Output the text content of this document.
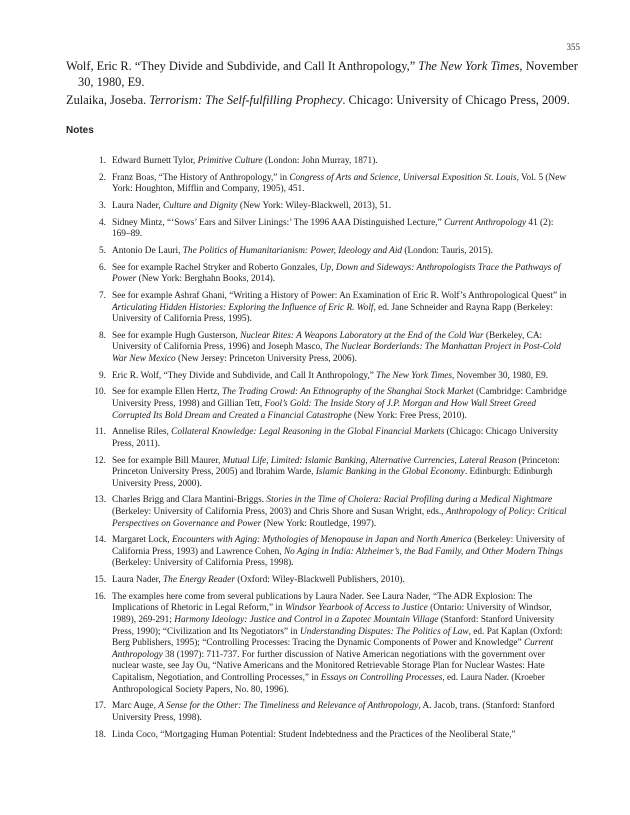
355

Wolf, Eric R. “They Divide and Subdivide, and Call It Anthropology,” The New York Times, November 30, 1980, E9.

Zulaika, Joseba. Terrorism: The Self-fulfilling Prophecy. Chicago: University of Chicago Press, 2009.

Notes

1. Edward Burnett Tylor, Primitive Culture (London: John Murray, 1871).

2. Franz Boas, “The History of Anthropology,” in Congress of Arts and Science, Universal Exposition St. Louis, Vol. 5 (New York: Houghton, Mifflin and Company, 1905), 451.

3. Laura Nader, Culture and Dignity (New York: Wiley-Blackwell, 2013), 51.

4. Sidney Mintz, “‘Sows’ Ears and Silver Linings:’ The 1996 AAA Distinguished Lecture,” Current Anthropology 41 (2): 169–89.

5. Antonio De Lauri, The Politics of Humanitarianism: Power, Ideology and Aid (London: Tauris, 2015).

6. See for example Rachel Stryker and Roberto Gonzales, Up, Down and Sideways: Anthropologists Trace the Pathways of Power (New York: Berghahn Books, 2014).

7. See for example Ashraf Ghani, “Writing a History of Power: An Examination of Eric R. Wolf’s Anthropological Quest” in Articulating Hidden Histories: Exploring the Influence of Eric R. Wolf, ed. Jane Schneider and Rayna Rapp (Berkeley: University of California Press, 1995).

8. See for example Hugh Gusterson, Nuclear Rites: A Weapons Laboratory at the End of the Cold War (Berkeley, CA: University of California Press, 1996) and Joseph Masco, The Nuclear Borderlands: The Manhattan Project in Post-Cold War New Mexico (New Jersey: Princeton University Press, 2006).

9. Eric R. Wolf, “They Divide and Subdivide, and Call It Anthropology,” The New York Times, November 30, 1980, E9.

10. See for example Ellen Hertz, The Trading Crowd: An Ethnography of the Shanghai Stock Market (Cambridge: Cambridge University Press, 1998) and Gillian Tett, Fool’s Gold: The Inside Story of J.P. Morgan and How Wall Street Greed Corrupted Its Bold Dream and Created a Financial Catastrophe (New York: Free Press, 2010).

11. Annelise Riles, Collateral Knowledge: Legal Reasoning in the Global Financial Markets (Chicago: Chicago University Press, 2011).

12. See for example Bill Maurer, Mutual Life, Limited: Islamic Banking, Alternative Currencies, Lateral Reason (Princeton: Princeton University Press, 2005) and Ibrahim Warde, Islamic Banking in the Global Economy. Edinburgh: Edinburgh University Press, 2000).

13. Charles Brigg and Clara Mantini-Briggs. Stories in the Time of Cholera: Racial Profiling during a Medical Nightmare (Berkeley: University of California Press, 2003) and Chris Shore and Susan Wright, eds., Anthropology of Policy: Critical Perspectives on Governance and Power (New York: Routledge, 1997).

14. Margaret Lock, Encounters with Aging: Mythologies of Menopause in Japan and North America (Berkeley: University of California Press, 1993) and Lawrence Cohen, No Aging in India: Alzheimer’s, the Bad Family, and Other Modern Things (Berkeley: University of California Press, 1998).

15. Laura Nader, The Energy Reader (Oxford: Wiley-Blackwell Publishers, 2010).

16. The examples here come from several publications by Laura Nader. See Laura Nader, “The ADR Explosion: The Implications of Rhetoric in Legal Reform,” in Windsor Yearbook of Access to Justice (Ontario: University of Windsor, 1989), 269-291; Harmony Ideology: Justice and Control in a Zapotec Mountain Village (Stanford: Stanford University Press, 1990); “Civilization and Its Negotiators” in Understanding Disputes: The Politics of Law, ed. Pat Kaplan (Oxford: Berg Publishers, 1995); “Controlling Processes: Tracing the Dynamic Components of Power and Knowledge” Current Anthropology 38 (1997): 711-737. For further discussion of Native American negotiations with the government over nuclear waste, see Jay Ou, “Native Americans and the Monitored Retrievable Storage Plan for Nuclear Wastes: Hate Capitalism, Negotiation, and Controlling Processes,” in Essays on Controlling Processes, ed. Laura Nader. (Kroeber Anthropological Society Papers, No. 80, 1996).

17. Marc Auge, A Sense for the Other: The Timeliness and Relevance of Anthropology, A. Jacob, trans. (Stanford: Stanford University Press, 1998).

18. Linda Coco, “Mortgaging Human Potential: Student Indebtedness and the Practices of the Neoliberal State,”
